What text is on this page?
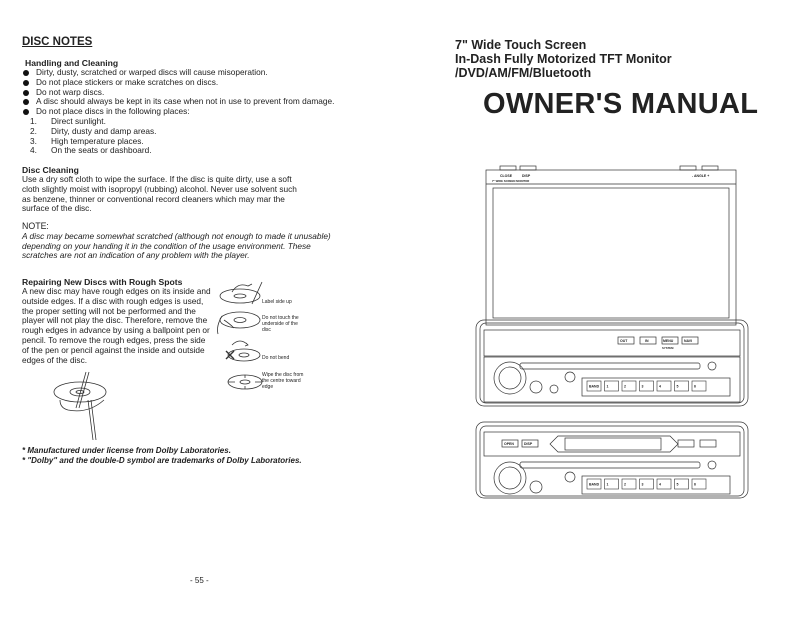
DISC NOTES
Handling and Cleaning
Dirty, dusty, scratched or warped discs will cause misoperation.
Do not place stickers or make scratches on discs.
Do not warp discs.
A disc should always be kept in its case when not in use to prevent from damage.
Do not place discs in the following places:
1. Direct sunlight.
2. Dirty, dusty and damp areas.
3. High temperature places.
4. On the seats or dashboard.
Disc Cleaning
Use a dry soft cloth to wipe the surface. If the disc is quite dirty, use a soft cloth slightly moist with isopropyl (rubbing) alcohol. Never use solvent such as benzene, thinner or conventional record cleaners which may mar the surface of the disc.
NOTE:
A disc may became somewhat scratched (although not enough to made it unusable) depending on your handing it in the condition of the usage environment. These scratches are not an indication of any problem with the player.
Repairing New Discs with Rough Spots
A new disc may have rough edges on its inside and outside edges. If a disc with rough edges is used, the proper setting will not be performed and the player will not play the disc. Therefore, remove the rough edges in advance by using a ballpoint pen or pencil. To remove the rough edges, press the side of the pen or pencil against the inside and outside edges of the disc.
Label side up
Do not touch the underside of the disc
Do not bend
Wipe the disc from the centre toward edge
* Manufactured under license from Dolby Laboratories.
* "Dolby" and the double-D symbol are trademarks of Dolby Laboratories.
- 55 -
7" Wide Touch Screen
In-Dash Fully Motorized TFT Monitor
/DVD/AM/FM/Bluetooth
OWNER'S MANUAL
CLOSE	DISP	- ANGLE +
7" WIDE SCREEN MONITOR
OUT	IN	MENU	NAVI
SYSTEM
OPEN	DISP
BAND 1	2	3	4	5	6
BAND 1	2	3	4	5	6
